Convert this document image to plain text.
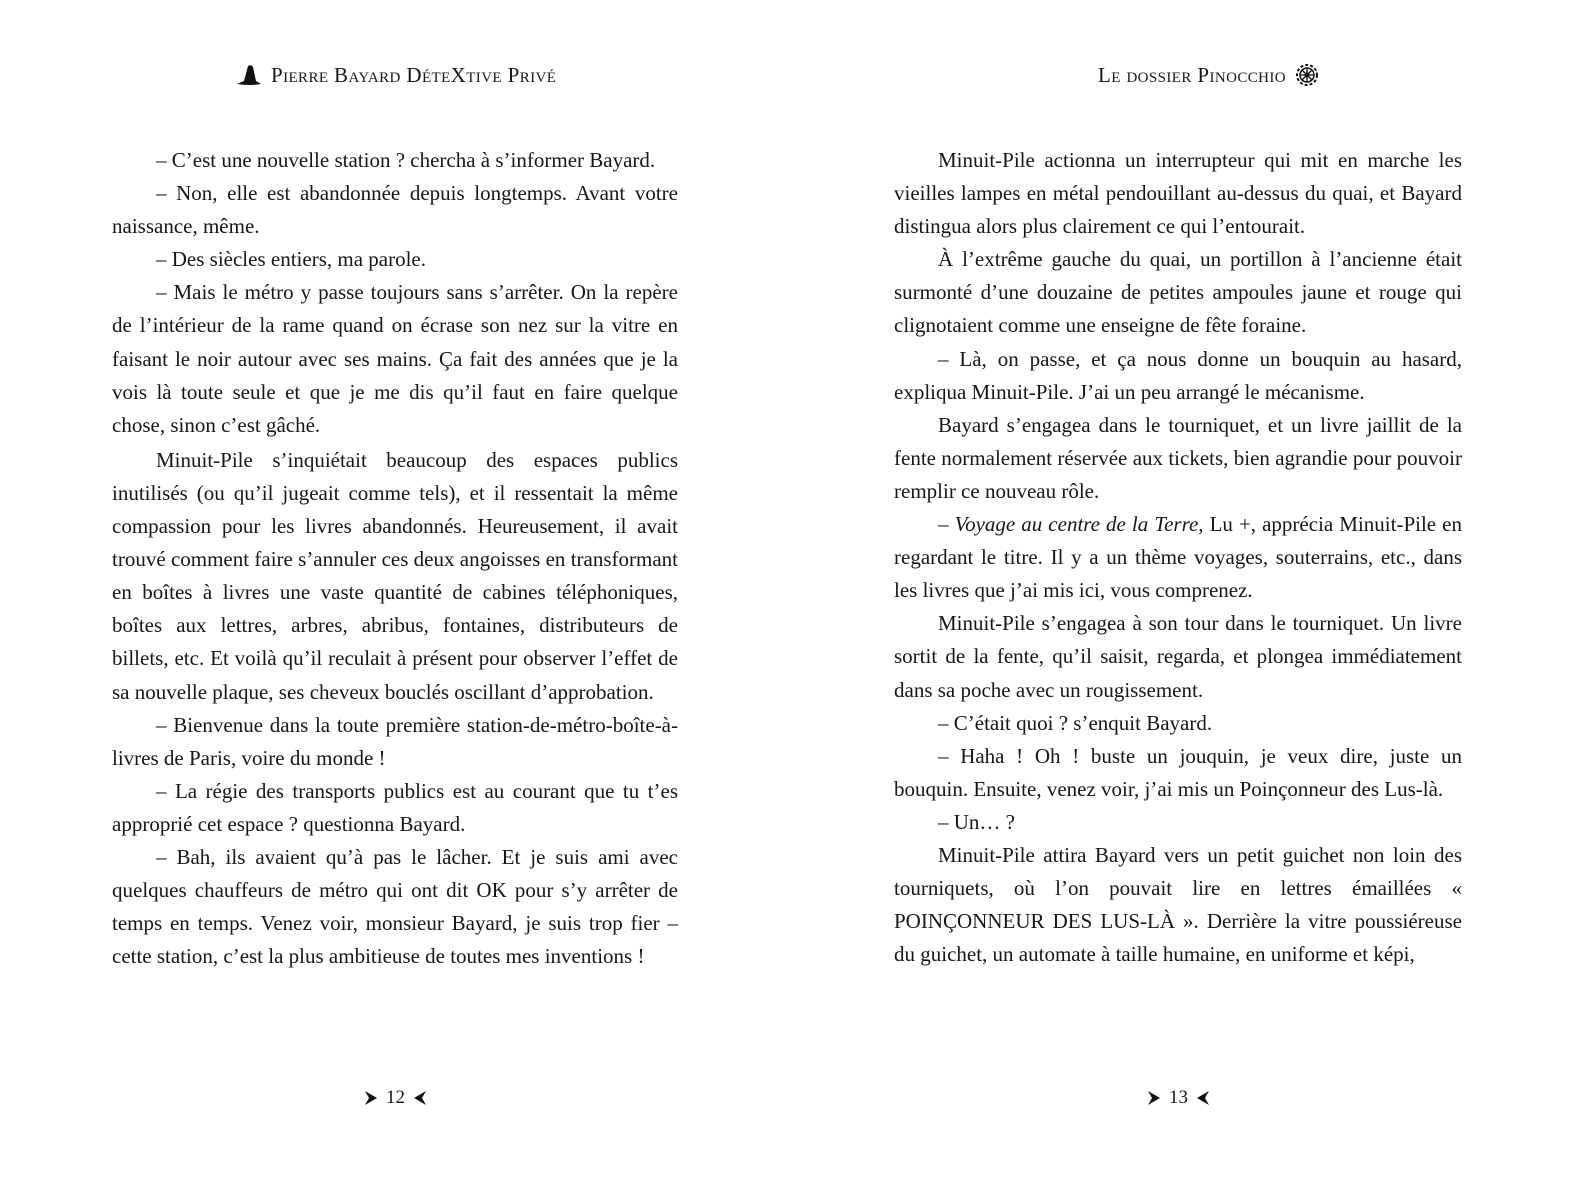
Pierre Bayard DéteXtive Privé

– C’est une nouvelle station ? chercha à s’informer Bayard.

– Non, elle est abandonnée depuis longtemps. Avant votre naissance, même.

– Des siècles entiers, ma parole.

– Mais le métro y passe toujours sans s’arrêter. On la repère de l’intérieur de la rame quand on écrase son nez sur la vitre en faisant le noir autour avec ses mains. Ça fait des années que je la vois là toute seule et que je me dis qu’il faut en faire quelque chose, sinon c’est gâché.

Minuit-Pile s’inquiétait beaucoup des espaces publics inutilisés (ou qu’il jugeait comme tels), et il ressentait la même compassion pour les livres abandonnés. Heureusement, il avait trouvé comment faire s’annuler ces deux angoisses en transformant en boîtes à livres une vaste quantité de cabines téléphoniques, boîtes aux lettres, arbres, abribus, fontaines, distributeurs de billets, etc. Et voilà qu’il reculait à présent pour observer l’effet de sa nouvelle plaque, ses cheveux bouclés oscillant d’approbation.

– Bienvenue dans la toute première station-de-métro-boîte-à-livres de Paris, voire du monde !

– La régie des transports publics est au courant que tu t’es approprié cet espace ? questionna Bayard.

– Bah, ils avaient qu’à pas le lâcher. Et je suis ami avec quelques chauffeurs de métro qui ont dit OK pour s’y arrêter de temps en temps. Venez voir, monsieur Bayard, je suis trop fier – cette station, c’est la plus ambitieuse de toutes mes inventions !

12
Le dossier Pinocchio

Minuit-Pile actionna un interrupteur qui mit en marche les vieilles lampes en métal pendouillant au-dessus du quai, et Bayard distingua alors plus clairement ce qui l’entourait.

À l’extrême gauche du quai, un portillon à l’ancienne était surmonté d’une douzaine de petites ampoules jaune et rouge qui clignotaient comme une enseigne de fête foraine.

– Là, on passe, et ça nous donne un bouquin au hasard, expliqua Minuit-Pile. J’ai un peu arrangé le mécanisme.

Bayard s’engagea dans le tourniquet, et un livre jaillit de la fente normalement réservée aux tickets, bien agrandie pour pouvoir remplir ce nouveau rôle.

– Voyage au centre de la Terre, Lu +, apprécia Minuit-Pile en regardant le titre. Il y a un thème voyages, souterrains, etc., dans les livres que j’ai mis ici, vous comprenez.

Minuit-Pile s’engagea à son tour dans le tourniquet. Un livre sortit de la fente, qu’il saisit, regarda, et plongea immédiatement dans sa poche avec un rougissement.

– C’était quoi ? s’enquit Bayard.

– Haha ! Oh ! buste un jouquin, je veux dire, juste un bouquin. Ensuite, venez voir, j’ai mis un Poinçonneur des Lus-là.

– Un… ?

Minuit-Pile attira Bayard vers un petit guichet non loin des tourniquets, où l’on pouvait lire en lettres émaillées « POINÇONNEUR DES LUS-LÀ ». Derrière la vitre poussiéreuse du guichet, un automate à taille humaine, en uniforme et képi,

13
